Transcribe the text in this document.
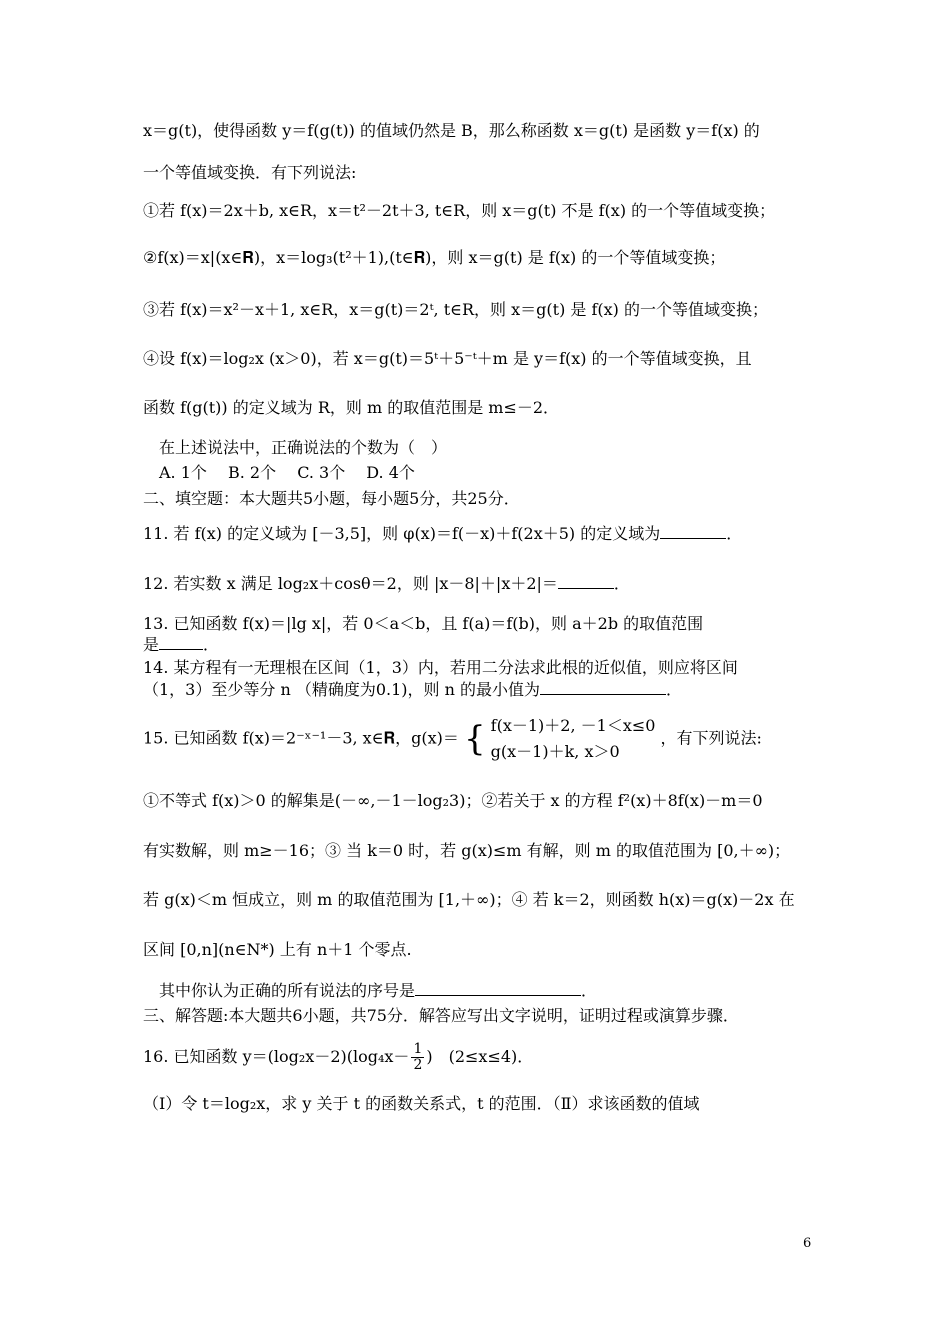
x＝g(t)，使得函数 y＝f(g(t)) 的值域仍然是 B，那么称函数 x＝g(t) 是函数 y＝f(x) 的
一个等值域变换．有下列说法:
①若 f(x)＝2x＋b, x∈R，x＝t²－2t＋3, t∈R，则 x＝g(t) 不是 f(x) 的一个等值域变换；
②f(x)＝x|(x∈𝐑)，x＝log₃(t²＋1),(t∈𝐑)，则 x＝g(t) 是 f(x) 的一个等值域变换；
③若 f(x)＝x²－x＋1, x∈R，x＝g(t)＝2ᵗ, t∈R，则 x＝g(t) 是 f(x) 的一个等值域变换；
④设 f(x)＝log₂x (x＞0)，若 x＝g(t)＝5ᵗ＋5⁻ᵗ＋m 是 y＝f(x) 的一个等值域变换，且
函数 f(g(t)) 的定义域为 R，则 m 的取值范围是 m≤－2．
　在上述说法中，正确说法的个数为（　）
　A. 1个　 B. 2个　 C. 3个　 D. 4个
二、填空题：本大题共5小题，每小题5分，共25分．
11. 若 f(x) 的定义域为 [－3,5]，则 φ(x)＝f(－x)＋f(2x＋5) 的定义域为	．
12. 若实数 x 满足 log₂x＋cosθ＝2，则 |x－8|＋|x＋2|＝	．
13. 已知函数 f(x)＝|lg x|，若 0＜a＜b，且 f(a)＝f(b)，则 a＋2b 的取值范围
是	．
14. 某方程有一无理根在区间（1，3）内，若用二分法求此根的近似值，则应将区间
（1，3）至少等分 n （精确度为0.1)，则 n 的最小值为	．
15. 已知函数 f(x)＝2⁻ˣ⁻¹－3, x∈𝐑，g(x)＝ { f(x－1)＋2, －1＜x≤0
g(x－1)＋k, x＞0
，有下列说法:
①不等式 f(x)＞0 的解集是(－∞,－1－log₂3)；②若关于 x 的方程 f²(x)＋8f(x)－m＝0
有实数解，则 m≥－16；③ 当 k＝0 时，若 g(x)≤m 有解，则 m 的取值范围为 [0,＋∞)；
若 g(x)＜m 恒成立，则 m 的取值范围为 [1,＋∞)；④ 若 k＝2，则函数 h(x)＝g(x)－2x 在
区间 [0,n](n∈N*) 上有 n＋1 个零点.
　其中你认为正确的所有说法的序号是	．
三、解答题:本大题共6小题，共75分．解答应写出文字说明，证明过程或演算步骤．
16. 已知函数 $y=(\log_2x-2)(\log_4x- \frac{1}{2}$ )　(2≤x≤4)．
（Ⅰ）令 t＝log₂x，求 y 关于 t 的函数关系式，t 的范围．（Ⅱ）求该函数的值域
6
